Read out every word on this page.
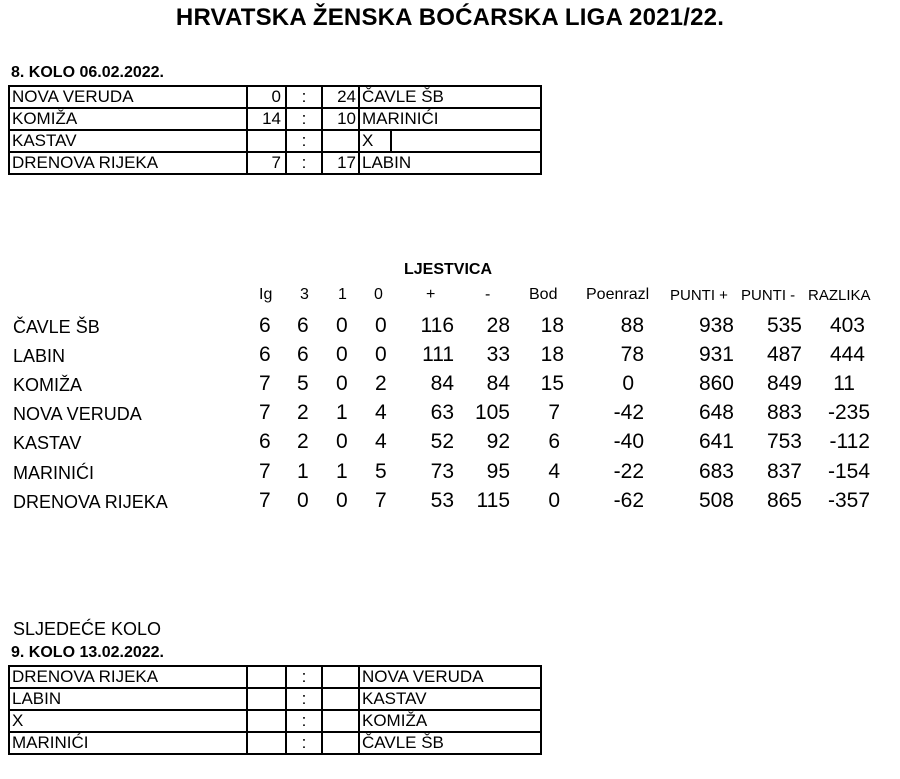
HRVATSKA ŽENSKA BOĆARSKA LIGA 2021/22.
8. KOLO 06.02.2022.
NOVA VERUDA	0	:	24	ČAVLE ŠB
KOMIŽA	14	:	10	MARINIĆI
KASTAV		:		X
DRENOVA RIJEKA	7	:	17	LABIN
LJESTVICA
Ig 3 1 0	+	- Bod Poenrazl PUNTI + PUNTI - RAZLIKA
ČAVLE ŠB	6 6 0 0 116 28 18	88	938 535 403
LABIN	6 6 0 0 111 33 18	78	931 487 444
KOMIŽA	7 5 0 2 84 84 15	0	860 849 11
NOVA VERUDA	7 2 1 4 63 105 7	-42	648 883 -235
KASTAV	6 2 0 4 52 92 6	-40	641 753 -112
MARINIĆI	7 1 1 5 73 95 4	-22	683 837 -154
DRENOVA RIJEKA	7 0 0 7 53 115 0	-62	508 865 -357
SLJEDEĆE KOLO
9. KOLO 13.02.2022.
DRENOVA RIJEKA		:		NOVA VERUDA
LABIN		:		KASTAV
X		:		KOMIŽA
MARINIĆI		:		ČAVLE ŠB
